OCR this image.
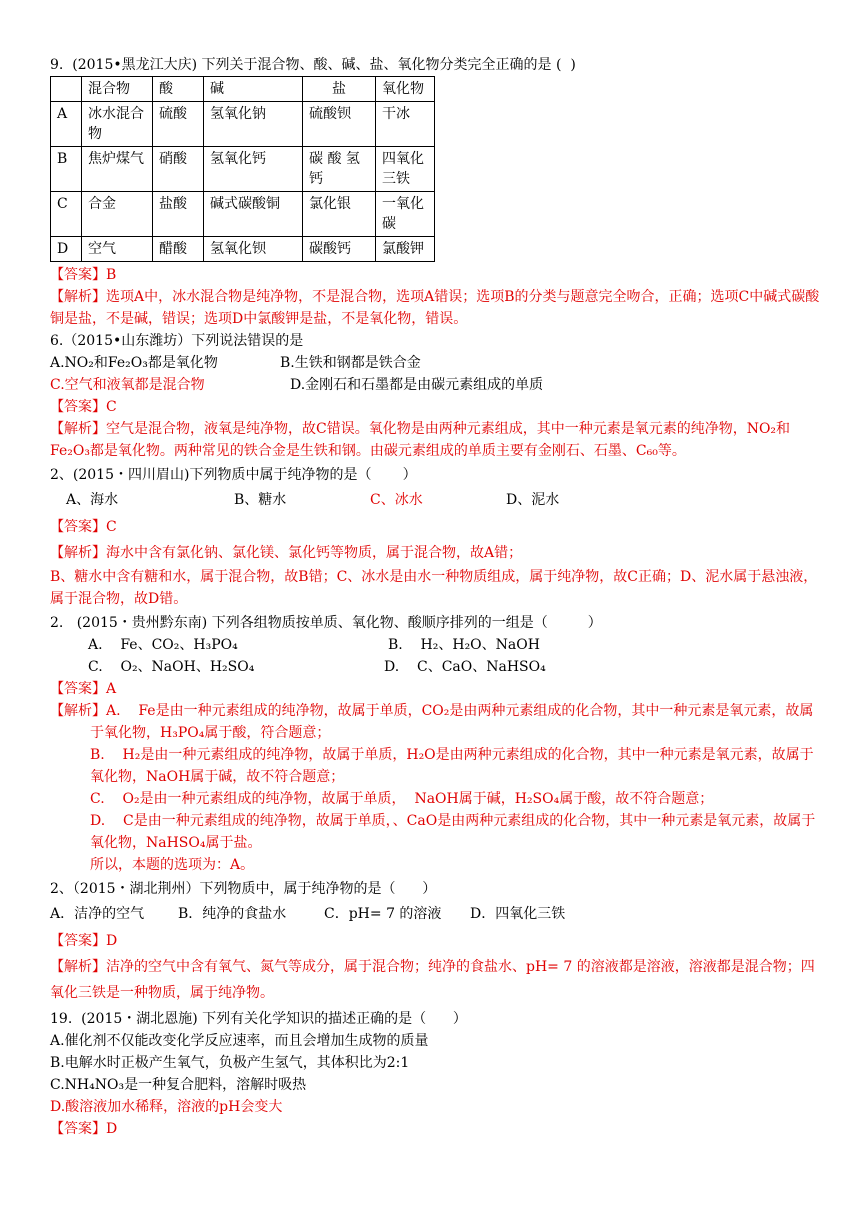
9.  (2015•黑龙江大庆) 下列关于混合物、酸、碱、盐、氧化物分类完全正确的是 (  )
	混合物	酸	碱	盐	氧化物
A	冰水混合物	硫酸	氢氧化钠	硫酸钡	干冰
B	焦炉煤气	硝酸	氢氧化钙	碳 酸 氢 钙	四氧化三铁
C	合金	盐酸	碱式碳酸铜	氯化银	一氧化碳
D	空气	醋酸	氢氧化钡	碳酸钙	氯酸钾
【答案】B
【解析】选项A中，冰水混合物是纯净物，不是混合物，选项A错误；选项B的分类与题意完全吻合，正确；选项C中碱式碳酸铜是盐，不是碱，错误；选项D中氯酸钾是盐，不是氧化物，错误。
6.（2015•山东潍坊）下列说法错误的是
A.NO₂和Fe₂O₃都是氧化物	B.生铁和钢都是铁合金
C.空气和液氧都是混合物	D.金刚石和石墨都是由碳元素组成的单质
【答案】C
【解析】空气是混合物，液氧是纯净物，故C错误。氧化物是由两种元素组成，其中一种元素是氧元素的纯净物，NO₂和Fe₂O₃都是氧化物。两种常见的铁合金是生铁和钢。由碳元素组成的单质主要有金刚石、石墨、C₆₀等。
2、(2015・四川眉山)下列物质中属于纯净物的是（       ）
A、海水	B、糖水	C、冰水	D、泥水
【答案】C
【解析】海水中含有氯化钠、氯化镁、氯化钙等物质，属于混合物，故A错；
B、糖水中含有糖和水，属于混合物，故B错；C、冰水是由水一种物质组成，属于纯净物，故C正确；D、泥水属于悬浊液，属于混合物，故D错。
2.   (2015・贵州黔东南) 下列各组物质按单质、氧化物、酸顺序排列的一组是（         ）
A.    Fe、CO₂、H₃PO₄	B.    H₂、H₂O、NaOH
C.    O₂、NaOH、H₂SO₄	D.    C、CaO、NaHSO₄
【答案】A
【解析】A.    Fe是由一种元素组成的纯净物，故属于单质，CO₂是由两种元素组成的化合物，其中一种元素是氧元素，故属于氧化物，H₃PO₄属于酸，符合题意；
B.    H₂是由一种元素组成的纯净物，故属于单质，H₂O是由两种元素组成的化合物，其中一种元素是氧元素，故属于氧化物，NaOH属于碱，故不符合题意；
C.    O₂是由一种元素组成的纯净物，故属于单质，  NaOH属于碱，H₂SO₄属于酸，故不符合题意；
D.    C是由一种元素组成的纯净物，故属于单质，、CaO是由两种元素组成的化合物，其中一种元素是氧元素，故属于氧化物，NaHSO₄属于盐。
所以，本题的选项为：A。
2、（2015・湖北荆州）下列物质中，属于纯净物的是（      ）
A．洁净的空气	B．纯净的食盐水	C．pH= 7 的溶液	D．四氧化三铁
【答案】D
【解析】洁净的空气中含有氧气、氮气等成分，属于混合物；纯净的食盐水、pH= 7 的溶液都是溶液，溶液都是混合物；四氧化三铁是一种物质，属于纯净物。
19.  (2015・湖北恩施) 下列有关化学知识的描述正确的是（      ）
A.催化剂不仅能改变化学反应速率，而且会增加生成物的质量
B.电解水时正极产生氧气，负极产生氢气，其体积比为2:1
C.NH₄NO₃是一种复合肥料，溶解时吸热
D.酸溶液加水稀释，溶液的pH会变大
【答案】D
